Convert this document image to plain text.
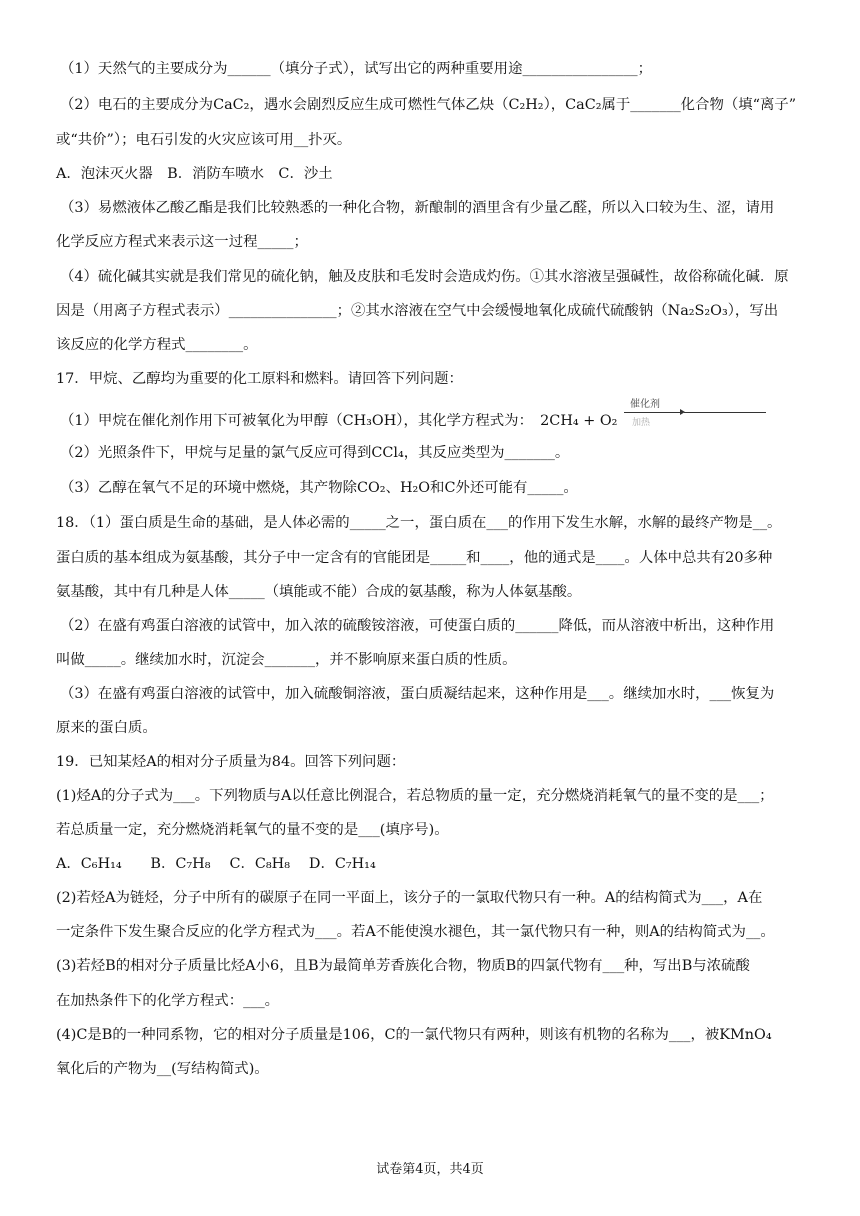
（1）天然气的主要成分为______（填分子式），试写出它的两种重要用途________________；
（2）电石的主要成分为CaC₂，遇水会剧烈反应生成可燃性气体乙炔（C₂H₂），CaC₂属于_______化合物（填“离子”
或“共价”）；电石引发的火灾应该可用__扑灭。
A．泡沫灭火器　B．消防车喷水　C．沙土
（3）易燃液体乙酸乙酯是我们比较熟悉的一种化合物，新酿制的酒里含有少量乙醛，所以入口较为生、涩，请用
化学反应方程式来表示这一过程_____；
（4）硫化碱其实就是我们常见的硫化钠，触及皮肤和毛发时会造成灼伤。①其水溶液呈强碱性，故俗称硫化碱．原
因是（用离子方程式表示）_______________；②其水溶液在空气中会缓慢地氧化成硫代硫酸钠（Na₂S₂O₃），写出
该反应的化学方程式________。
17．甲烷、乙醇均为重要的化工原料和燃料。请回答下列问题：
（1）甲烷在催化剂作用下可被氧化为甲醇（CH₃OH），其化学方程式为：　2CH₄ + O₂
催化剂
加热
（2）光照条件下，甲烷与足量的氯气反应可得到CCl₄，其反应类型为_______。
（3）乙醇在氧气不足的环境中燃烧，其产物除CO₂、H₂O和C外还可能有_____。
18．（1）蛋白质是生命的基础，是人体必需的_____之一，蛋白质在___的作用下发生水解，水解的最终产物是__。
蛋白质的基本组成为氨基酸，其分子中一定含有的官能团是_____和____，他的通式是____。人体中总共有20多种
氨基酸，其中有几种是人体_____（填能或不能）合成的氨基酸，称为人体氨基酸。
（2）在盛有鸡蛋白溶液的试管中，加入浓的硫酸铵溶液，可使蛋白质的______降低，而从溶液中析出，这种作用
叫做_____。继续加水时，沉淀会_______，并不影响原来蛋白质的性质。
（3）在盛有鸡蛋白溶液的试管中，加入硫酸铜溶液，蛋白质凝结起来，这种作用是___。继续加水时，___恢复为
原来的蛋白质。
19．已知某烃A的相对分子质量为84。回答下列问题：
(1)烃A的分子式为___。下列物质与A以任意比例混合，若总物质的量一定，充分燃烧消耗氧气的量不变的是___；
若总质量一定，充分燃烧消耗氧气的量不变的是___(填序号)。
A．C₆H₁₄　　B．C₇H₈　 C．C₈H₈　 D．C₇H₁₄
(2)若烃A为链烃，分子中所有的碳原子在同一平面上，该分子的一氯取代物只有一种。A的结构简式为___，A在
一定条件下发生聚合反应的化学方程式为___。若A不能使溴水褪色，其一氯代物只有一种，则A的结构简式为__。
(3)若烃B的相对分子质量比烃A小6，且B为最简单芳香族化合物，物质B的四氯代物有___种，写出B与浓硫酸
在加热条件下的化学方程式：___。
(4)C是B的一种同系物，它的相对分子质量是106，C的一氯代物只有两种，则该有机物的名称为___，被KMnO₄
氧化后的产物为__(写结构简式)。
试卷第4页，共4页
